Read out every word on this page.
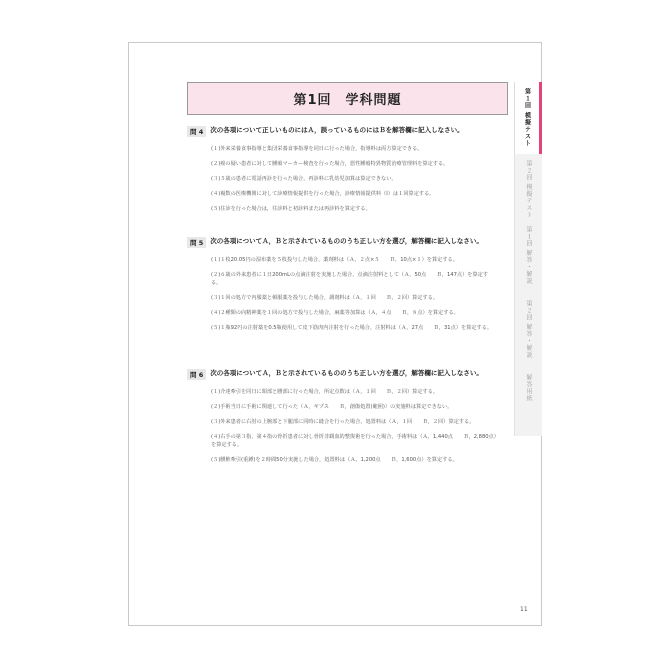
第1回　学科問題	第１回 模擬テスト
第２回 模擬テスト
第１回 解答・解説
第２回 解答・解説
解答用紙
問 4	次の各項について正しいものにはＡ，誤っているものにはＢを解答欄に記入しなさい。
(１)外来栄養食事指導と集団栄養食事指導を同日に行った場合，指導料は両方算定できる。
(２)癌の疑い患者に対して腫瘍マーカー検査を行った場合，悪性腫瘍特異物質治療管理料を算定する。
(３)５歳の患者に電話再診を行った場合，再診料に乳幼児加算は算定できない。
(４)複数の医療機関に対して診療情報提供を行った場合，診療情報提供料（Ⅰ）は１回算定する。
(５)往診を行った場合は，往診料と初診料または再診料を算定する。
問 5	次の各項についてＡ，Ｂと示されているもののうち正しい方を選び，解答欄に記入しなさい。
(１)１枚20.05円の湿布薬を５枚投与した場合，薬剤料は（Ａ，２点×５　　Ｂ，10点×１）を算定する。
(２)６歳の外来患者に１日200mLの点滴注射を実施した場合，点滴注射料として（Ａ，50点　　Ｂ，147点）を算定する。
(３)１回の処方で内服薬と頓服薬を投与した場合，調剤料は（Ａ，１回　　Ｂ，２回）算定する。
(４)２種類の向精神薬を１回の処方で投与した場合，麻薬等加算は（Ａ，４点　　Ｂ，８点）を算定する。
(５)１瓶92円の注射薬を0.5瓶使用して皮下筋肉内注射を行った場合，注射料は（Ａ，27点　　Ｂ，31点）を算定する。
問 6	次の各項についてＡ，Ｂと示されているもののうち正しい方を選び，解答欄に記入しなさい。
(１)介達牽引を同日に頸部と腰部に行った場合，所定点数は（Ａ，１回　　Ｂ，２回）算定する。
(２)手術当日に手術に関連して行った（Ａ，ギプス　　Ｂ，創傷処置(範囲)）の実施料は算定できない。
(３)外来患者に右肘の上腕部と下腿部に同時に縫合を行った場合，処置料は（Ａ，１回　　Ｂ，２回）算定する。
(４)右手の第３指，第４指の骨折患者に対し骨折非観血的整復術を行った場合，手術料は（Ａ，1,440点　　Ｂ，2,880点）を算定する。
(５)腰椎牽引(重錘)を２時間50分実施した場合，処置料は（Ａ，1,200点　　Ｂ，1,600点）を算定する。
11
